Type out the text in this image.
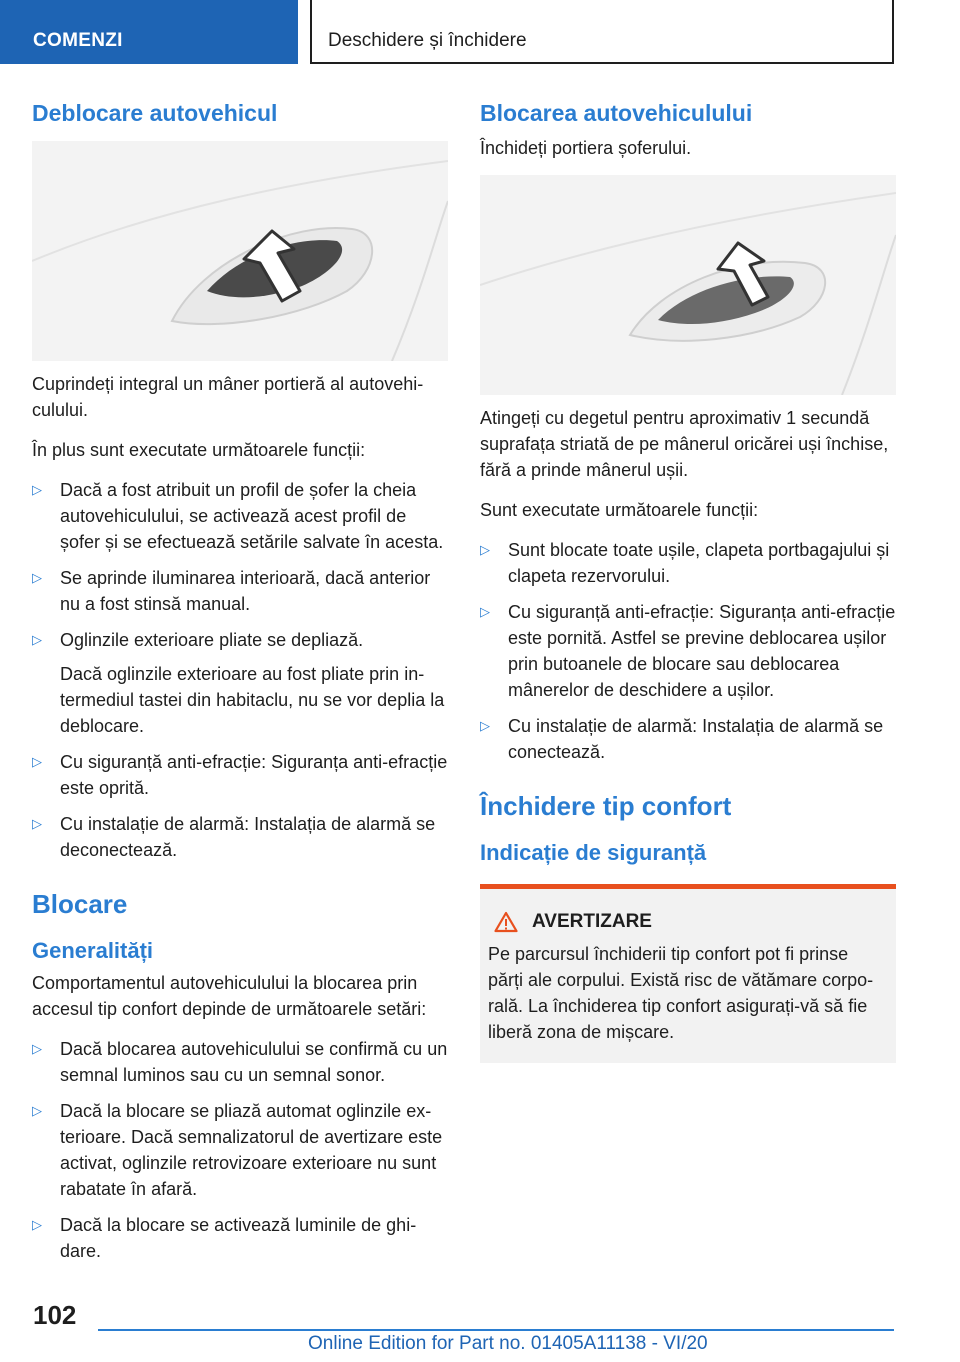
COMENZI	Deschidere și închidere
Deblocare autovehicul

Cuprindeți integral un mâner portieră al autovehiculului.

În plus sunt executate următoarele funcții:

▷ Dacă a fost atribuit un profil de șofer la cheia autovehiculului, se activează acest profil de șofer și se efectuează setările salvate în acesta.
▷ Se aprinde iluminarea interioară, dacă anterior nu a fost stinsă manual.
▷ Oglinzile exterioare pliate se depliază.
Dacă oglinzile exterioare au fost pliate prin intermediul tastei din habitaclu, nu se vor deplia la deblocare.
▷ Cu siguranță anti-efracție: Siguranța anti-efracție este oprită.
▷ Cu instalație de alarmă: Instalația de alarmă se deconectează.
Blocare
Generalități

Comportamentul autovehiculului la blocarea prin accesul tip confort depinde de următoarele setări:

▷ Dacă blocarea autovehiculului se confirmă cu un semnal luminos sau cu un semnal sonor.
▷ Dacă la blocare se pliază automat oglinzile exterioare. Dacă semnalizatorul de avertizare este activat, oglinzile retrovizoare exterioare nu sunt rabatate în afară.
▷ Dacă la blocare se activează luminile de ghidare.
Blocarea autovehiculului

Închideți portiera șoferului.

Atingeți cu degetul pentru aproximativ 1 secundă suprafața striată de pe mânerul oricărei uși închise, fără a prinde mânerul ușii.

Sunt executate următoarele funcții:

▷ Sunt blocate toate ușile, clapeta portbagajului și clapeta rezervorului.
▷ Cu siguranță anti-efracție: Siguranța anti-efracție este pornită. Astfel se previne deblocarea ușilor prin butoanele de blocare sau deblocarea mânerelor de deschidere a ușilor.
▷ Cu instalație de alarmă: Instalația de alarmă se conectează.
Închidere tip confort
Indicație de siguranță
AVERTIZARE

Pe parcursul închiderii tip confort pot fi prinse părți ale corpului. Există risc de vătămare corporală. La închiderea tip confort asigurați-vă să fie liberă zona de mișcare.

102
Online Edition for Part no. 01405A11138 - VI/20
